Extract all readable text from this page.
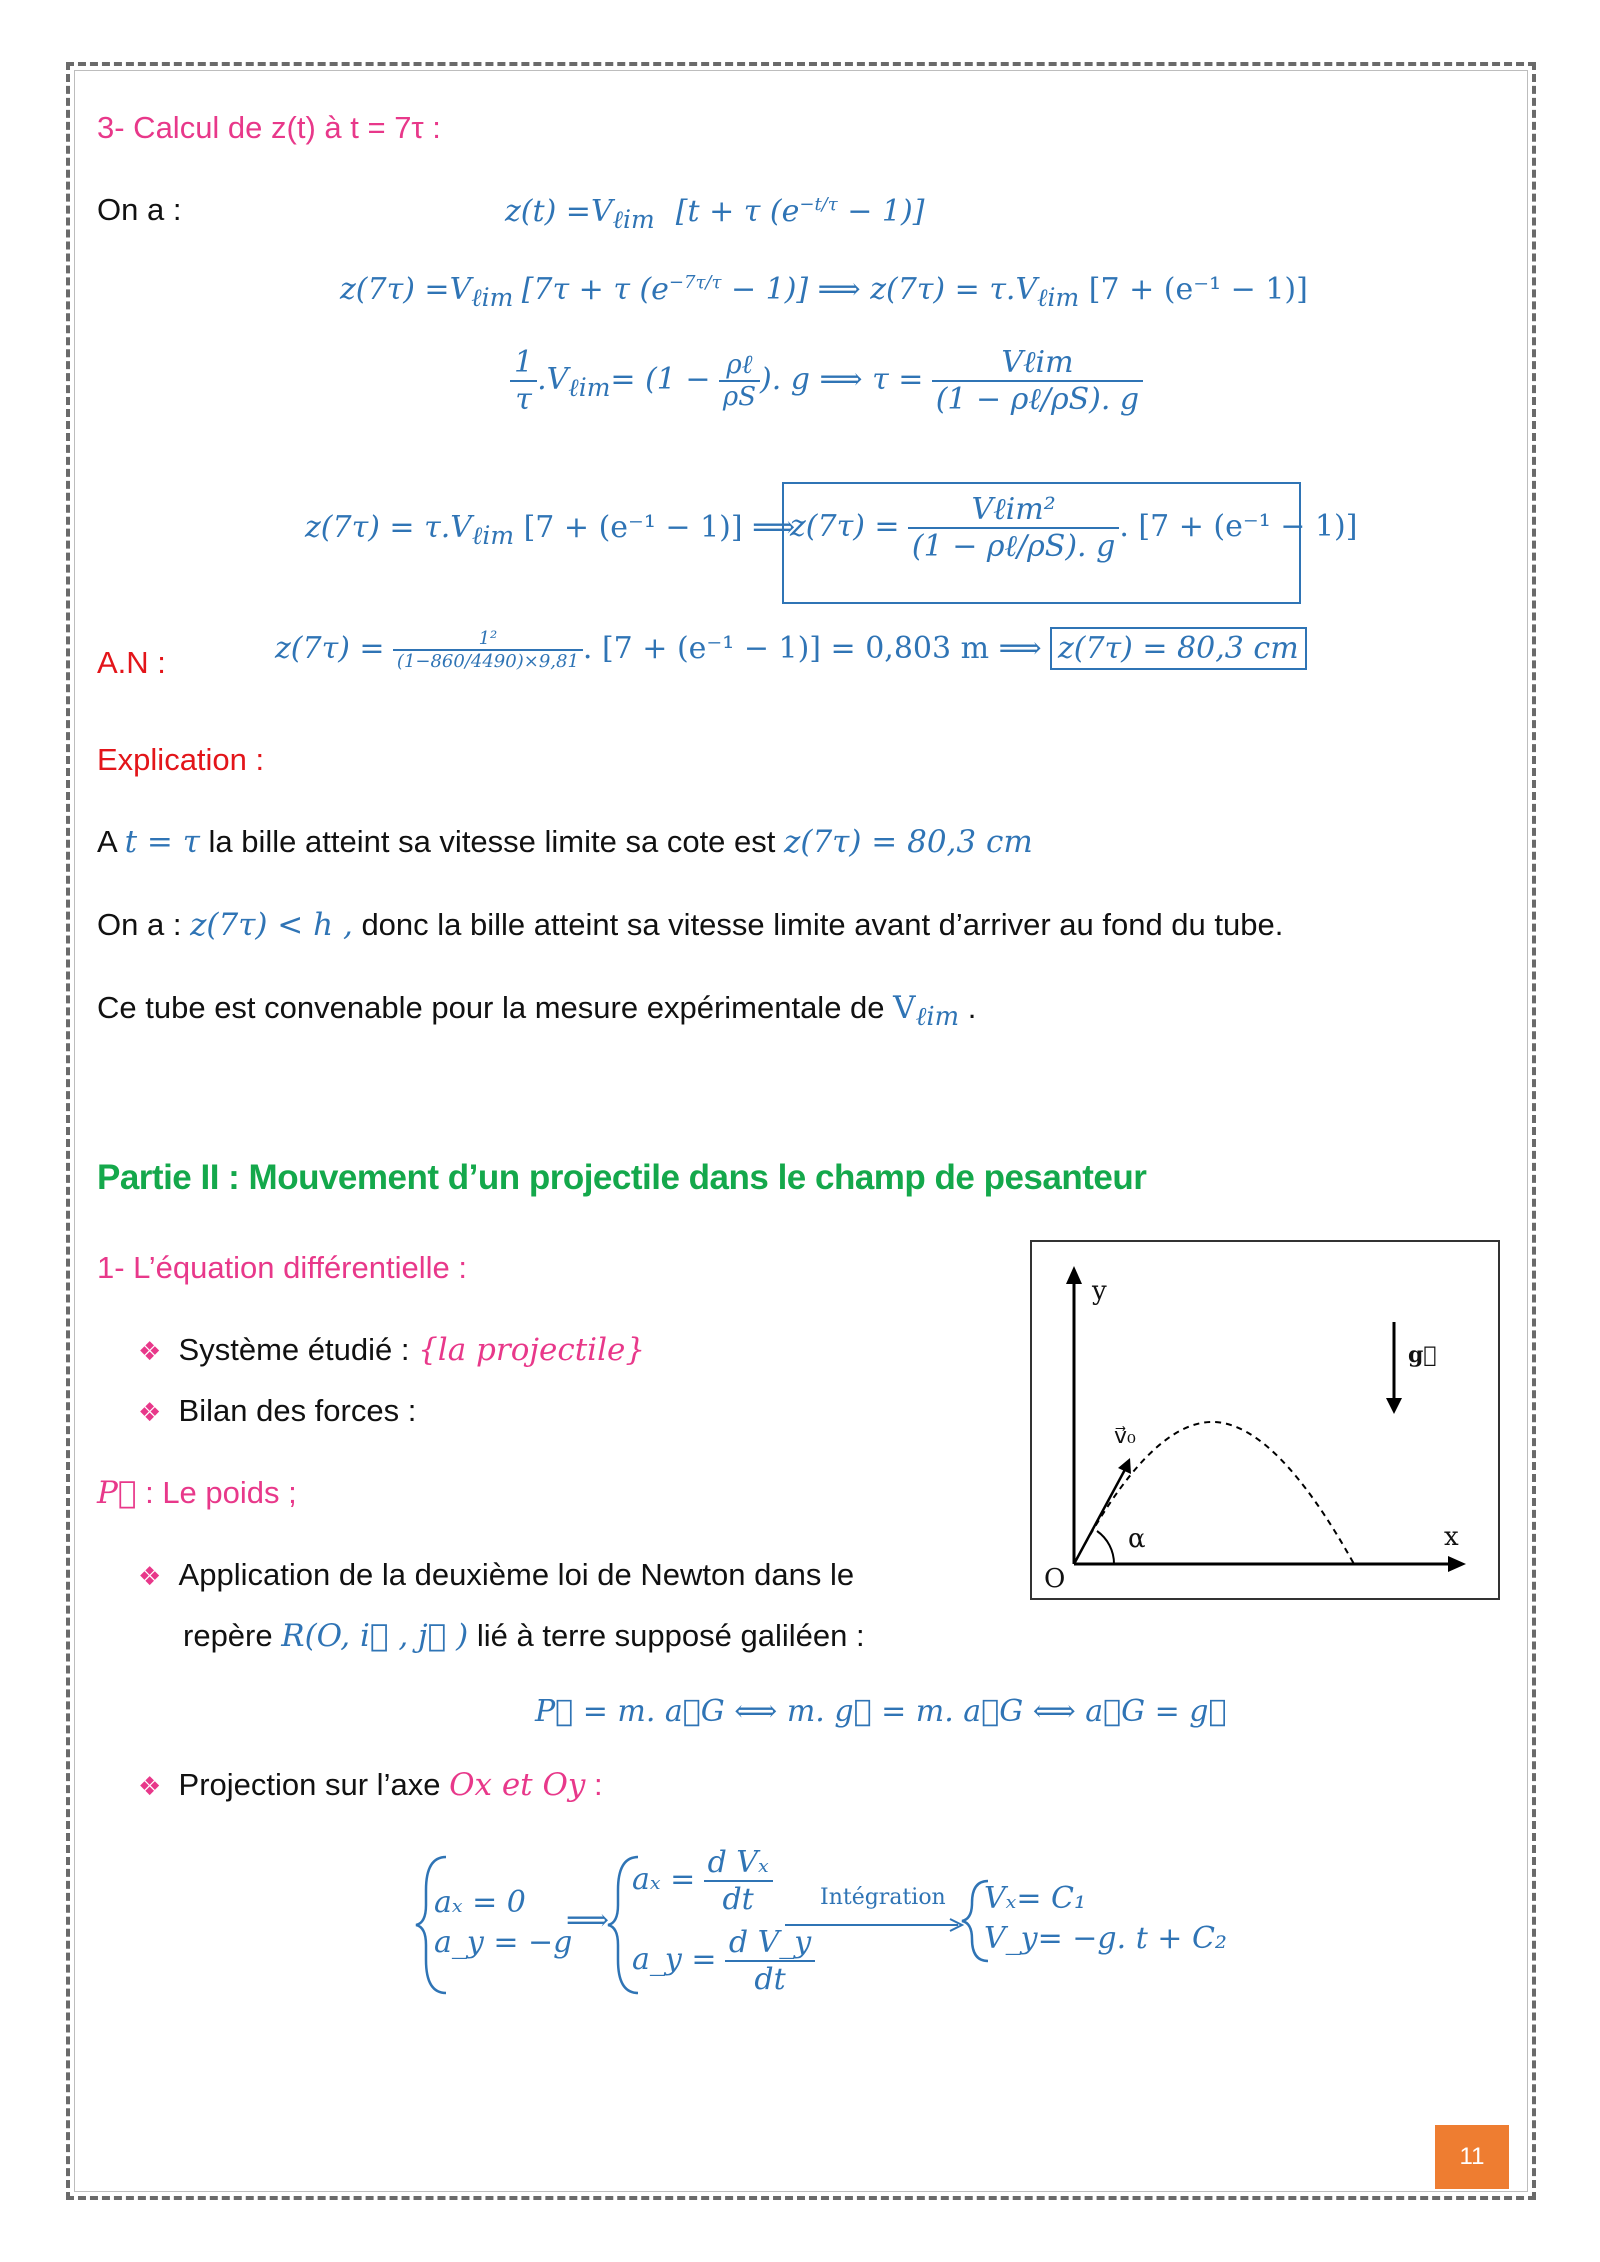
3- Calcul de z(t) à t = 7τ :
On a :	$z(t) =V_{\ell im}$ [t + τ $(e^{-t/\tau} - 1)$]
$z(7\tau) =V_{\ell im}$ [7τ + τ $(e^{-7\tau/\tau} - 1)$] ⟹ $z(7\tau) = \tau.V_{\ell im}$ [7 + (e⁻¹ − 1)]
$\frac{1}{\tau} .V_{\ell im}= (1 - \frac{\text{ρℓ}}{\rho S}$ ). g ⟹ $\tau = \frac{\text{Vℓim}}{\text{(1 − ρℓ/ρS). g}}$
$z(7\tau) = \tau.V_{\ell im}$ [7 + (e⁻¹ − 1)] ⟹
$z(7\tau) = \frac{\text{Vℓim²}}{\text{(1 − ρℓ/ρS). g}}$ . [7 + (e⁻¹ − 1)]
A.N :	$z(7\tau) = \frac{\text{1²}}{(1-860/4490)\times 9,81}$ . [7 + (e⁻¹ − 1)] = 0,803 m ⟹ z(7τ) = 80,3 cm
Explication :
A t = τ la bille atteint sa vitesse limite sa cote est z(7τ) = 80,3 cm
On a : z(7τ) < h , donc la bille atteint sa vitesse limite avant d’arriver au fond du tube.
Ce tube est convenable pour la mesure expérimentale de $V_{\ell im}$ .
Partie II : Mouvement d’un projectile dans le champ de pesanteur
1- L’équation différentielle :
❖ Système étudié : {la projectile}
❖ Bilan des forces :
P⃗ : Le poids ;
❖ Application de la deuxième loi de Newton dans le
repère R(O, i⃗ , j⃗ ) lié à terre supposé galiléen :
P⃗ = m. a⃗G ⟺ m. g⃗ = m. a⃗G ⟺ a⃗G = g⃗
❖ Projection sur l’axe Ox et Oy :
aₓ = 0
a_y = −g
⟹
$a_x = \frac{\text{d Vₓ}}{dt}$
a_y = $\frac{\text{d V\_y}}{dt}$
Intégration Vₓ= C₁
V_y= −g. t + C₂
y
x
O
α
v⃗₀
g⃗
11
